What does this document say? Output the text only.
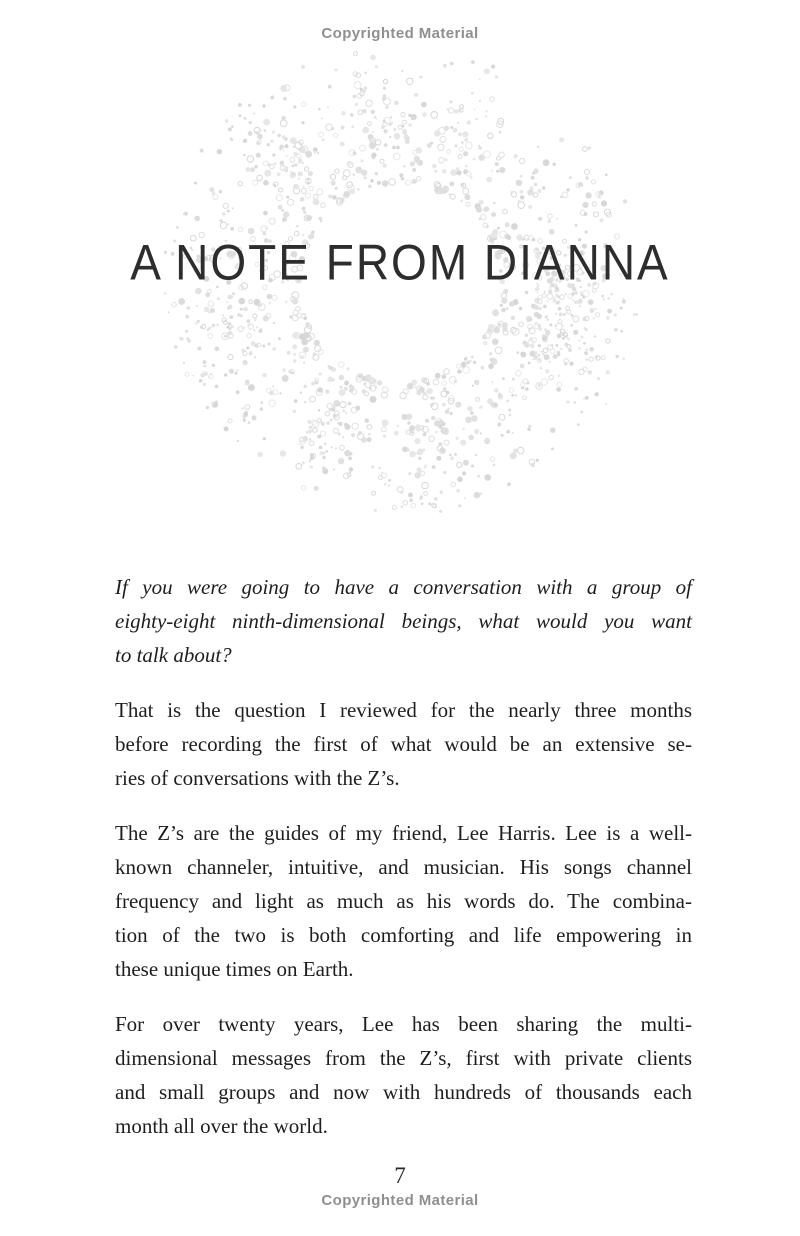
Copyrighted Material
A NOTE FROM DIANNA
If you were going to have a conversation with a group of
eighty-eight ninth-dimensional beings, what would you want
to talk about?
That is the question I reviewed for the nearly three months
before recording the first of what would be an extensive se-
ries of conversations with the Z’s.
The Z’s are the guides of my friend, Lee Harris. Lee is a well-
known channeler, intuitive, and musician. His songs channel
frequency and light as much as his words do. The combina-
tion of the two is both comforting and life empowering in
these unique times on Earth.
For over twenty years, Lee has been sharing the multi-
dimensional messages from the Z’s, first with private clients
and small groups and now with hundreds of thousands each
month all over the world.
7
Copyrighted Material
